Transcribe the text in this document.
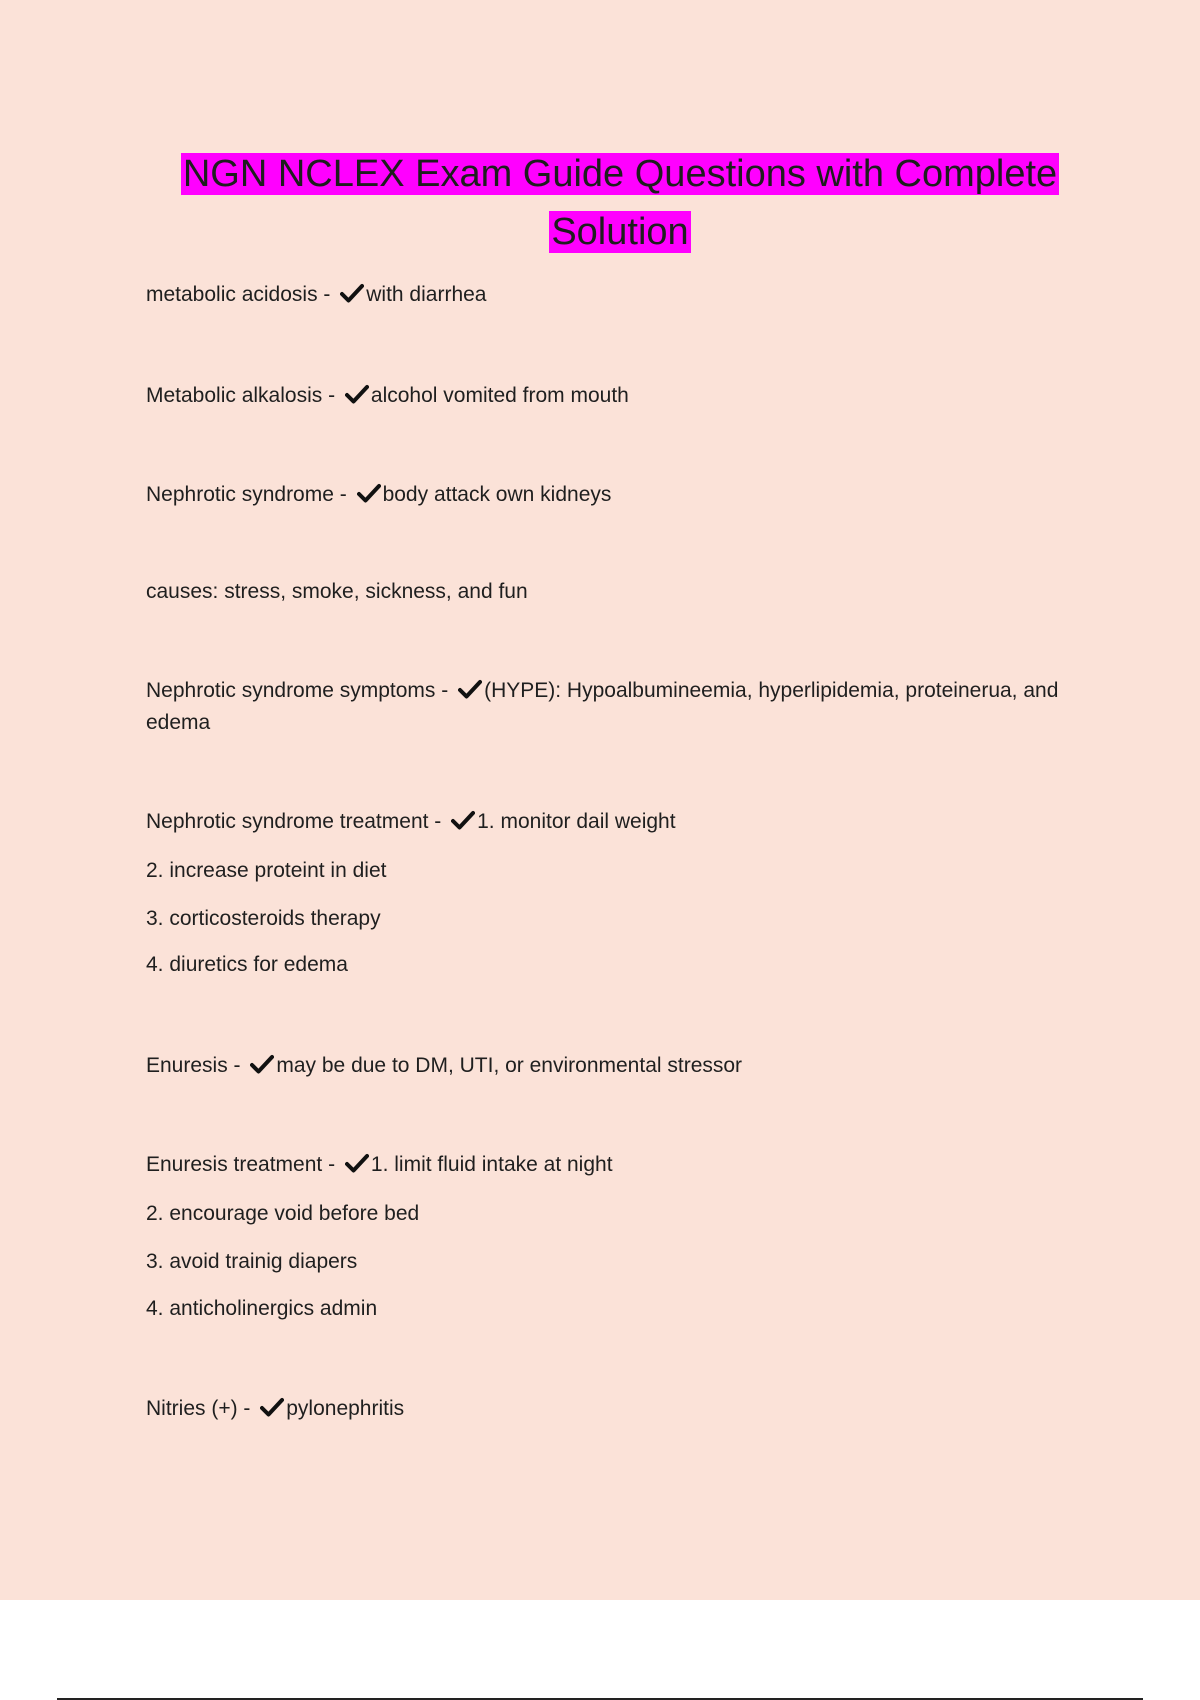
NGN NCLEX Exam Guide Questions with Complete
Solution
metabolic acidosis -
with diarrhea
Metabolic alkalosis -
alcohol vomited from mouth
Nephrotic syndrome -
body attack own kidneys
causes: stress, smoke, sickness, and fun
Nephrotic syndrome symptoms -
(HYPE): Hypoalbumineemia, hyperlipidemia, proteinerua, and edema
Nephrotic syndrome treatment -
1. monitor dail weight
2. increase proteint in diet
3. corticosteroids therapy
4. diuretics for edema
Enuresis -
may be due to DM, UTI, or environmental stressor
Enuresis treatment -
1. limit fluid intake at night
2. encourage void before bed
3. avoid trainig diapers
4. anticholinergics admin
Nitries (+) -
pylonephritis
